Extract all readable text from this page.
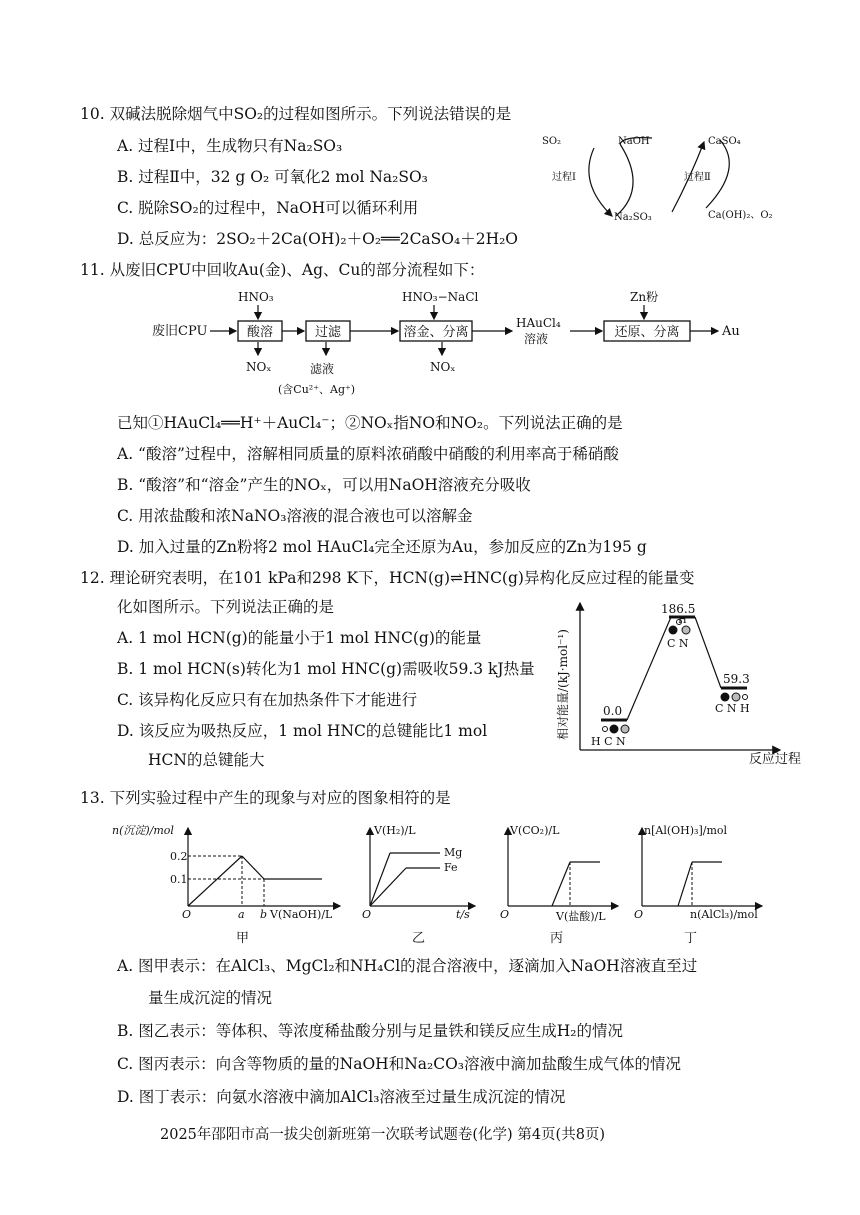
10. 双碱法脱除烟气中SO₂的过程如图所示。下列说法错误的是
A. 过程Ⅰ中，生成物只有Na₂SO₃
B. 过程Ⅱ中，32 g O₂ 可氧化2 mol Na₂SO₃
C. 脱除SO₂的过程中，NaOH可以循环利用
D. 总反应为：2SO₂＋2Ca(OH)₂＋O₂══2CaSO₄＋2H₂O
SO₂	NaOH
过程Ⅰ
Na₂SO₃
CaSO₄
过程Ⅱ
Ca(OH)₂、O₂
11. 从废旧CPU中回收Au(金)、Ag、Cu的部分流程如下：
废旧CPU	酸溶
HNO₃
NOₓ
过滤
滤液
(含Cu²⁺、Ag⁺)
溶金、分离
HNO₃−NaCl
NOₓ
HAuCl₄
溶液	还原、分离
Zn粉
Au
已知①HAuCl₄══H⁺＋AuCl₄⁻；②NOₓ指NO和NO₂。下列说法正确的是
A. “酸溶”过程中，溶解相同质量的原料浓硝酸中硝酸的利用率高于稀硝酸
B. “酸溶”和“溶金”产生的NOₓ，可以用NaOH溶液充分吸收
C. 用浓盐酸和浓NaNO₃溶液的混合液也可以溶解金
D. 加入过量的Zn粉将2 mol HAuCl₄完全还原为Au，参加反应的Zn为195 g
12. 理论研究表明，在101 kPa和298 K下，HCN(g)⇌HNC(g)异构化反应过程的能量变
化如图所示。下列说法正确的是
A. 1 mol HCN(g)的能量小于1 mol HNC(g)的能量
B. 1 mol HCN(s)转化为1 mol HNC(g)需吸收59.3 kJ热量
C. 该异构化反应只有在加热条件下才能进行
D. 该反应为吸热反应，1 mol HNC的总键能比1 mol
HCN的总键能大
相对能量/(kJ·mol⁻¹)
反应过程
0.0
186.5
59.3
H C N
H
C N
C N H
13. 下列实验过程中产生的现象与对应的图象相符的是
n(沉淀)/mol
0.2
0.1
O	a b V(NaOH)/L
甲
V(H₂)/L
Mg
Fe
O	t/s
乙
V(CO₂)/L
O	V(盐酸)/L
丙
n[Al(OH)₃]/mol
O	n(AlCl₃)/mol
丁
A. 图甲表示：在AlCl₃、MgCl₂和NH₄Cl的混合溶液中，逐滴加入NaOH溶液直至过
量生成沉淀的情况
B. 图乙表示：等体积、等浓度稀盐酸分别与足量铁和镁反应生成H₂的情况
C. 图丙表示：向含等物质的量的NaOH和Na₂CO₃溶液中滴加盐酸生成气体的情况
D. 图丁表示：向氨水溶液中滴加AlCl₃溶液至过量生成沉淀的情况
2025年邵阳市高一拔尖创新班第一次联考试题卷(化学) 第4页(共8页)
